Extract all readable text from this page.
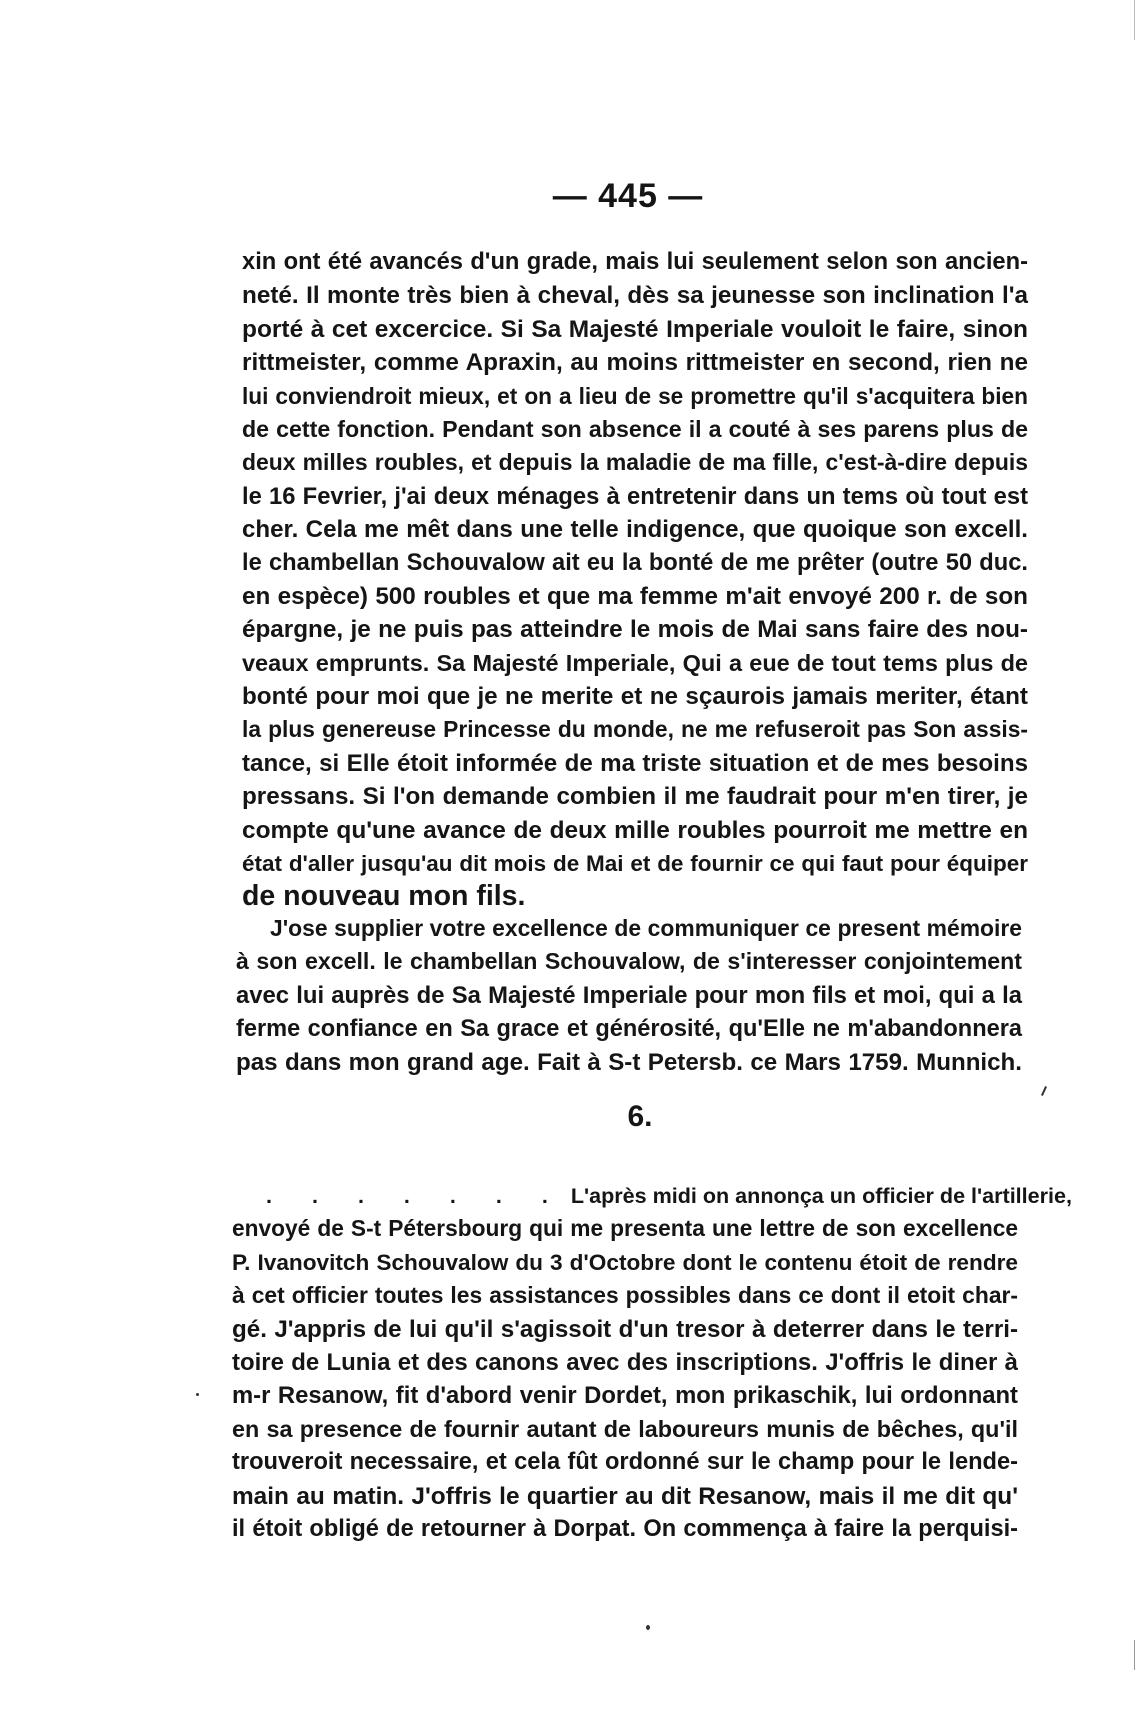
— 445 —
xin ont été avancés d'un grade, mais lui seulement selon son ancien-
neté. Il monte très bien à cheval, dès sa jeunesse son inclination l'a
porté à cet excercice. Si Sa Majesté Imperiale vouloit le faire, sinon
rittmeister, comme Apraxin, au moins rittmeister en second, rien ne
lui conviendroit mieux, et on a lieu de se promettre qu'il s'acquitera bien
de cette fonction. Pendant son absence il a couté à ses parens plus de
deux milles roubles, et depuis la maladie de ma fille, c'est-à-dire depuis
le 16 Fevrier, j'ai deux ménages à entretenir dans un tems où tout est
cher. Cela me mêt dans une telle indigence, que quoique son excell.
le chambellan Schouvalow ait eu la bonté de me prêter (outre 50 duc.
en espèce) 500 roubles et que ma femme m'ait envoyé 200 r. de son
épargne, je ne puis pas atteindre le mois de Mai sans faire des nou-
veaux emprunts. Sa Majesté Imperiale, Qui a eue de tout tems plus de
bonté pour moi que je ne merite et ne sçaurois jamais meriter, étant
la plus genereuse Princesse du monde, ne me refuseroit pas Son assis-
tance, si Elle étoit informée de ma triste situation et de mes besoins
pressans. Si l'on demande combien il me faudrait pour m'en tirer, je
compte qu'une avance de deux mille roubles pourroit me mettre en
état d'aller jusqu'au dit mois de Mai et de fournir ce qui faut pour équiper
de nouveau mon fils.
J'ose supplier votre excellence de communiquer ce present mémoire
à son excell. le chambellan Schouvalow, de s'interesser conjointement
avec lui auprès de Sa Majesté Imperiale pour mon fils et moi, qui a la
ferme confiance en Sa grace et générosité, qu'Elle ne m'abandonnera
pas dans mon grand age. Fait à S-t Petersb. ce Mars 1759. Munnich.
6.
. . . . . . . L'après midi on annonça un officier de l'artillerie,
envoyé de S-t Pétersbourg qui me presenta une lettre de son excellence
P. Ivanovitch Schouvalow du 3 d'Octobre dont le contenu étoit de rendre
à cet officier toutes les assistances possibles dans ce dont il etoit char-
gé. J'appris de lui qu'il s'agissoit d'un tresor à deterrer dans le terri-
toire de Lunia et des canons avec des inscriptions. J'offris le diner à
m-r Resanow, fit d'abord venir Dordet, mon prikaschik, lui ordonnant
en sa presence de fournir autant de laboureurs munis de bêches, qu'il
trouveroit necessaire, et cela fût ordonné sur le champ pour le lende-
main au matin. J'offris le quartier au dit Resanow, mais il me dit qu'
il étoit obligé de retourner à Dorpat. On commença à faire la perquisi-
